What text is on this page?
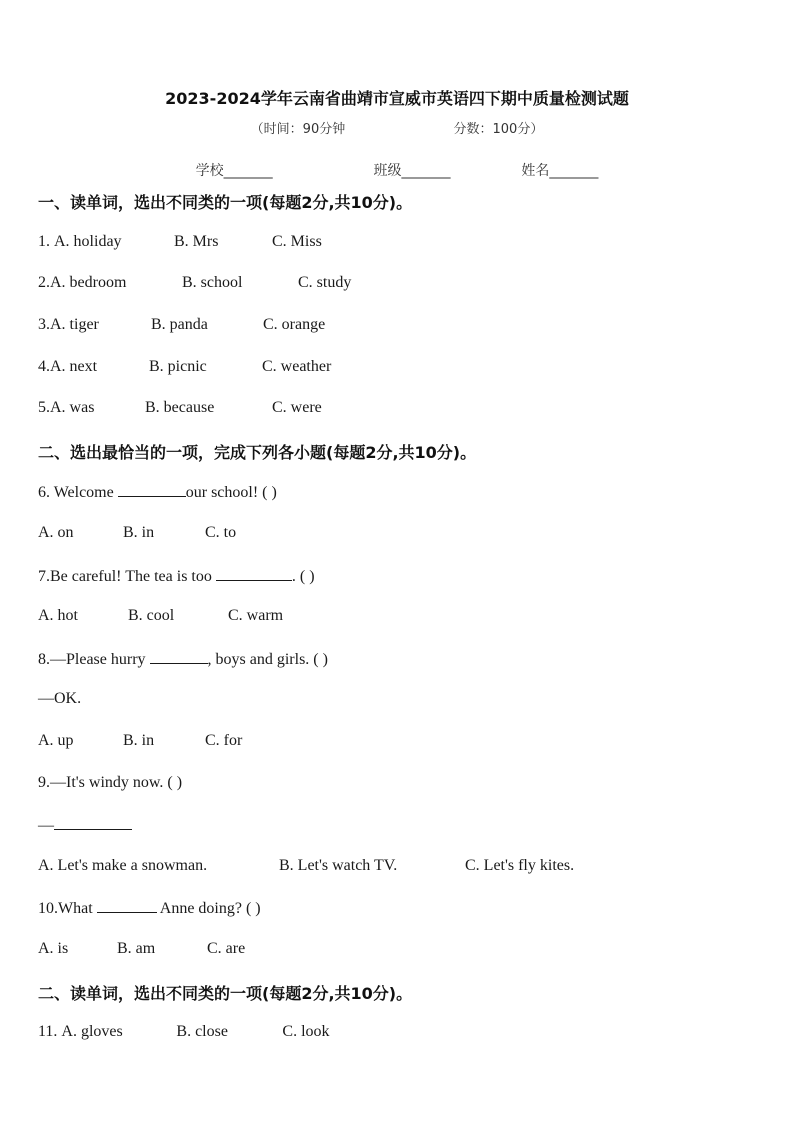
2023-2024学年云南省曲靖市宣威市英语四下期中质量检测试题
（时间：90分钟	分数：100分）
学校_______	班级_______	姓名_______
一、读单词，选出不同类的一项(每题2分,共10分)。
1. A. holiday	B. Mrs	C. Miss
2.A. bedroom	B. school	C. study
3.A. tiger	B. panda	C. orange
4.A. next	B. picnic	C. weather
5.A. was	B. because	C. were
二、选出最恰当的一项，完成下列各小题(每题2分,共10分)。
6. Welcome	our school! ( )
A. on	B. in	C. to
7.Be careful! The tea is too	. ( )
A. hot	B. cool	C. warm
8.—Please hurry	, boys and girls. ( )
—OK.
A. up	B. in	C. for
9.—It's windy now. ( )
—
A. Let's make a snowman.	B. Let's watch TV.	C. Let's fly kites.
10.What	Anne doing? ( )
A. is	B. am	C. are
二、读单词，选出不同类的一项(每题2分,共10分)。
11. A. gloves	B. close	C. look
